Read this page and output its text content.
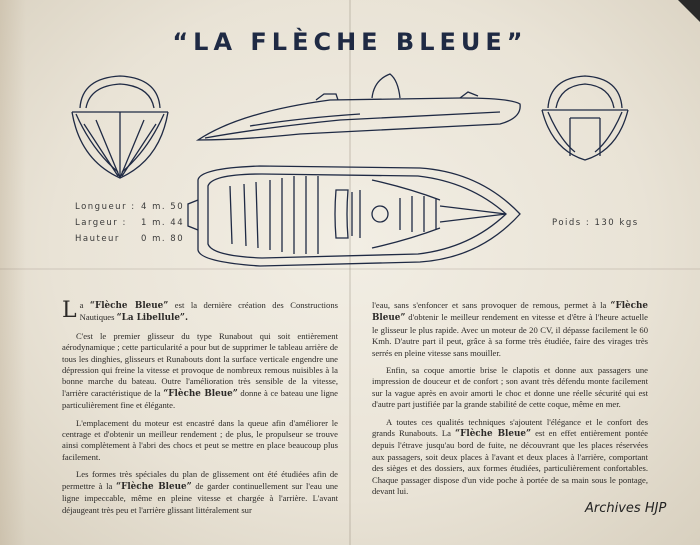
“LA FLÈCHE BLEUE”
Longueur : 4 m. 50
Largeur : 1 m. 44
Hauteur 0 m. 80
Poids : 130 kgs

La “Flèche Bleue” est la dernière création des Constructions Nautiques “La Libellule”.

C'est le premier glisseur du type Runabout qui soit entièrement aérodynamique ; cette particularité a pour but de supprimer le tableau arrière de tous les dinghies, glisseurs et Runabouts dont la surface verticale engendre une dépression qui freine la vitesse et provoque de nombreux remous nuisibles à la bonne marche du bateau. Outre l'amélioration très sensible de la vitesse, l'arrière caractéristique de la “Flèche Bleue” donne à ce bateau une ligne particulièrement fine et élégante.

L'emplacement du moteur est encastré dans la queue afin d'améliorer le centrage et d'obtenir un meilleur rendement ; de plus, le propulseur se trouve ainsi complètement à l'abri des chocs et peut se mettre en place beaucoup plus facilement.

Les formes très spéciales du plan de glissement ont été étudiées afin de permettre à la “Flèche Bleue” de garder continuellement sur l'eau une ligne impeccable, même en pleine vitesse et chargée à l'arrière. L'avant déjaugeant très peu et l'arrière glissant littéralement sur

l'eau, sans s'enfoncer et sans provoquer de remous, permet à la “Flèche Bleue” d'obtenir le meilleur rendement en vitesse et d'être à l'heure actuelle le glisseur le plus rapide. Avec un moteur de 20 CV, il dépasse facilement le 60 Kmh. D'autre part il peut, grâce à sa forme très étudiée, faire des virages très serrés en pleine vitesse sans mouiller.

Enfin, sa coque amortie brise le clapotis et donne aux passagers une impression de douceur et de confort ; son avant très défendu monte facilement sur la vague après en avoir amorti le choc et donne une réelle sécurité qui est d'autre part justifiée par la grande stabilité de cette coque, même en mer.

A toutes ces qualités techniques s'ajoutent l'élégance et le confort des grands Runabouts. La “Flèche Bleue” est en effet entièrement pontée depuis l'étrave jusqu'au bord de fuite, ne découvrant que les places réservées aux passagers, soit deux places à l'avant et deux places à l'arrière, comportant des sièges et des dossiers, aux formes étudiées, particulièrement confortables. Chaque passager dispose d'un vide poche à portée de sa main sous le pontage, devant lui.

Archives HJP
